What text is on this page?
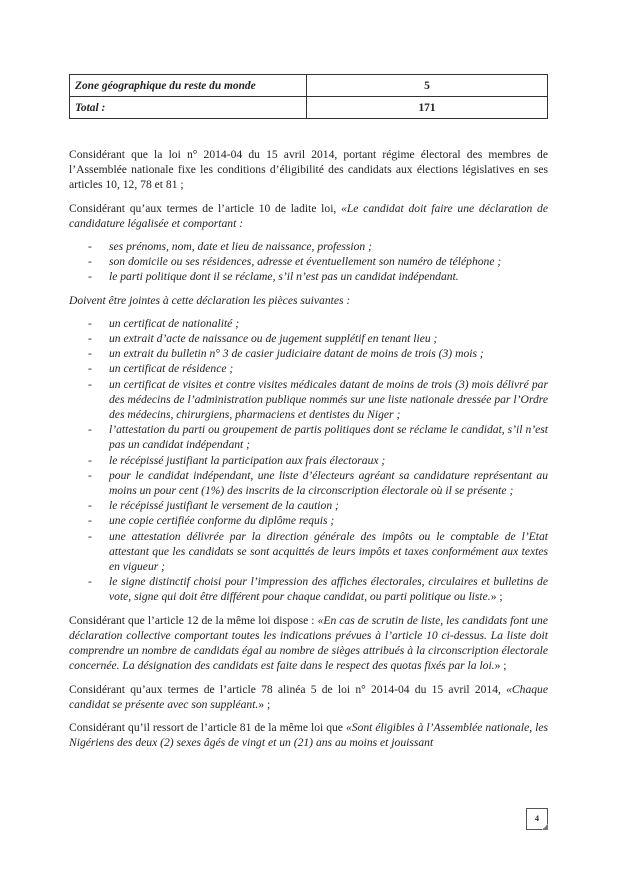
Zone géographique du reste du monde	5
Total :	171

Considérant que la loi n° 2014-04 du 15 avril 2014, portant régime électoral des membres de l’Assemblée nationale fixe les conditions d’éligibilité des candidats aux élections législatives en ses articles 10, 12, 78 et 81 ;

Considérant qu’aux termes de l’article 10 de ladite loi, «Le candidat doit faire une déclaration de candidature légalisée et comportant :

- ses prénoms, nom, date et lieu de naissance, profession ;
- son domicile ou ses résidences, adresse et éventuellement son numéro de téléphone ;
- le parti politique dont il se réclame, s’il n’est pas un candidat indépendant.

Doivent être jointes à cette déclaration les pièces suivantes :

- un certificat de nationalité ;
- un extrait d’acte de naissance ou de jugement supplétif en tenant lieu ;
- un extrait du bulletin n° 3 de casier judiciaire datant de moins de trois (3) mois ;
- un certificat de résidence ;
- un certificat de visites et contre visites médicales datant de moins de trois (3) mois délivré par des médecins de l’administration publique nommés sur une liste nationale dressée par l’Ordre des médecins, chirurgiens, pharmaciens et dentistes du Niger ;
- l’attestation du parti ou groupement de partis politiques dont se réclame le candidat, s’il n’est pas un candidat indépendant ;
- le récépissé justifiant la participation aux frais électoraux ;
- pour le candidat indépendant, une liste d’électeurs agréant sa candidature représentant au moins un pour cent (1%) des inscrits de la circonscription électorale où il se présente ;
- le récépissé justifiant le versement de la caution ;
- une copie certifiée conforme du diplôme requis ;
- une attestation délivrée par la direction générale des impôts ou le comptable de l’Etat attestant que les candidats se sont acquittés de leurs impôts et taxes conformément aux textes en vigueur ;
- le signe distinctif choisi pour l’impression des affiches électorales, circulaires et bulletins de vote, signe qui doit être différent pour chaque candidat, ou parti politique ou liste.» ;

Considérant que l’article 12 de la même loi dispose : «En cas de scrutin de liste, les candidats font une déclaration collective comportant toutes les indications prévues à l’article 10 ci-dessus. La liste doit comprendre un nombre de candidats égal au nombre de sièges attribués à la circonscription électorale concernée. La désignation des candidats est faite dans le respect des quotas fixés par la loi.» ;

Considérant qu’aux termes de l’article 78 alinéa 5 de loi n° 2014-04 du 15 avril 2014, «Chaque candidat se présente avec son suppléant.» ;

Considérant qu’il ressort de l’article 81 de la même loi que «Sont éligibles à l’Assemblée nationale, les Nigériens des deux (2) sexes âgés de vingt et un (21) ans au moins et jouissant

4
